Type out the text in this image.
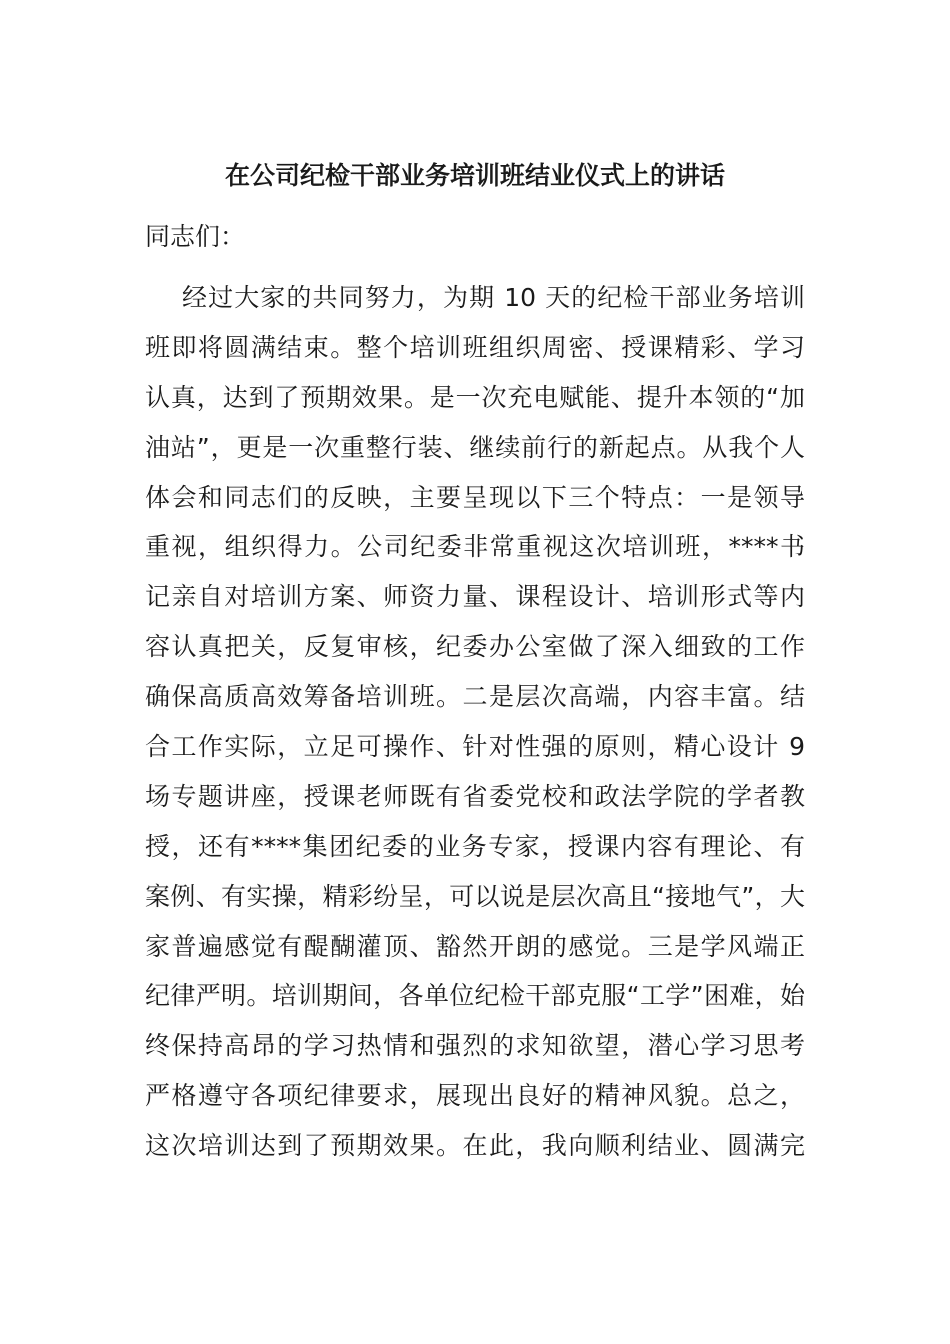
在公司纪检干部业务培训班结业仪式上的讲话

同志们：

经过大家的共同努力，为期 10 天的纪检干部业务培训
班即将圆满结束。整个培训班组织周密、授课精彩、学习
认真，达到了预期效果。是一次充电赋能、提升本领的“加
油站”，更是一次重整行装、继续前行的新起点。从我个人
体会和同志们的反映，主要呈现以下三个特点：一是领导
重视，组织得力。公司纪委非常重视这次培训班，****书
记亲自对培训方案、师资力量、课程设计、培训形式等内
容认真把关，反复审核，纪委办公室做了深入细致的工作
确保高质高效筹备培训班。二是层次高端，内容丰富。结
合工作实际，立足可操作、针对性强的原则，精心设计 9
场专题讲座，授课老师既有省委党校和政法学院的学者教
授，还有****集团纪委的业务专家，授课内容有理论、有
案例、有实操，精彩纷呈，可以说是层次高且“接地气”，大
家普遍感觉有醍醐灌顶、豁然开朗的感觉。三是学风端正
纪律严明。培训期间，各单位纪检干部克服“工学”困难，始
终保持高昂的学习热情和强烈的求知欲望，潜心学习思考
严格遵守各项纪律要求，展现出良好的精神风貌。总之，
这次培训达到了预期效果。在此，我向顺利结业、圆满完
